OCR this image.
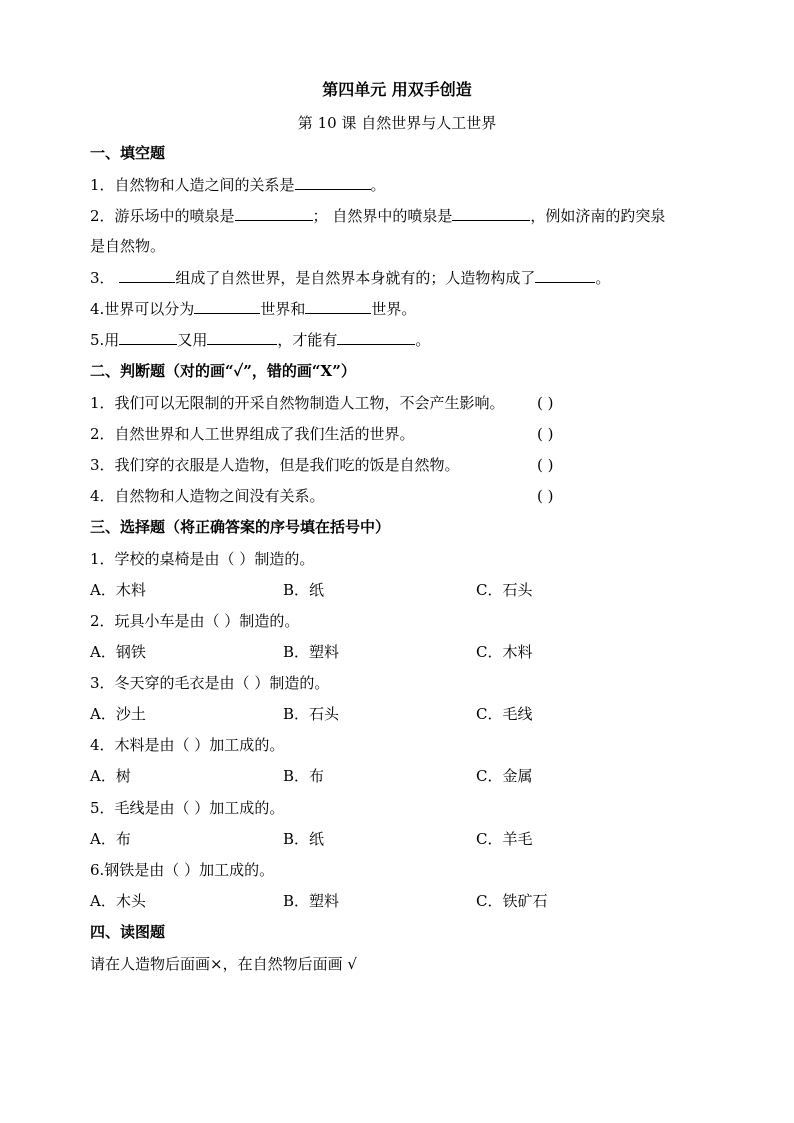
第四单元 用双手创造
第 10 课 自然世界与人工世界
一、填空题
1．自然物和人造之间的关系是	。
2．游乐场中的喷泉是	； 自然界中的喷泉是	，例如济南的趵突泉
是自然物。
3．	组成了自然世界，是自然界本身就有的；人造物构成了	。
4.世界可以分为	世界和	世界。
5.用	又用	，才能有	。
二、判断题（对的画“✓”，错的画“X”）
1．我们可以无限制的开采自然物制造人工物，不会产生影响。 ( )
2．自然世界和人工世界组成了我们生活的世界。	( )
3．我们穿的衣服是人造物，但是我们吃的饭是自然物。	( )
4．自然物和人造物之间没有关系。	( )
三、选择题（将正确答案的序号填在括号中）
1．学校的桌椅是由（ ）制造的。
A．木料	B．纸	C．石头
2．玩具小车是由（ ）制造的。
A．钢铁	B．塑料	C．木料
3．冬天穿的毛衣是由（ ）制造的。
A．沙土	B．石头	C．毛线
4．木料是由（ ）加工成的。
A．树	B．布	C．金属
5．毛线是由（ ）加工成的。
A．布	B．纸	C．羊毛
6.钢铁是由（ ）加工成的。
A．木头	B．塑料	C．铁矿石
四、读图题
请在人造物后面画×，在自然物后面画 √
